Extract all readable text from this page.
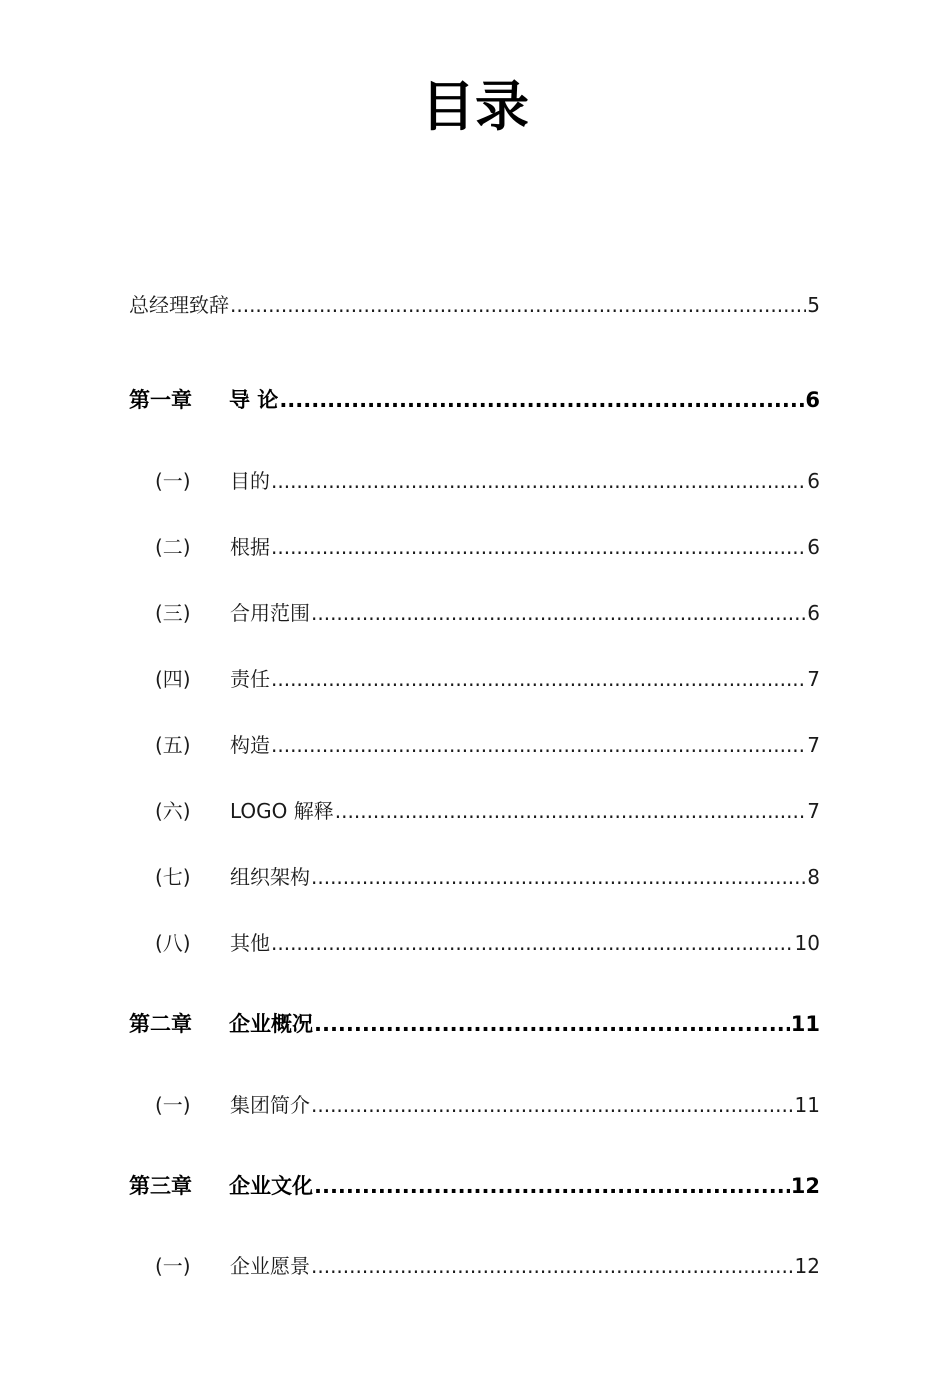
目录
总经理致辞 .....	5
第一章	导 论 .....	6
(一)	目的 .....	6
(二)	根据 .....	6
(三)	合用范围 .....	6
(四)	责任 .....	7
(五)	构造 .....	7
(六)	LOGO 解释 .....	7
(七)	组织架构 .....	8
(八)	其他 .....	10
第二章	企业概况 .....	11
(一)	集团简介 .....	11
第三章	企业文化 .....	12
(一)	企业愿景 .....	12
